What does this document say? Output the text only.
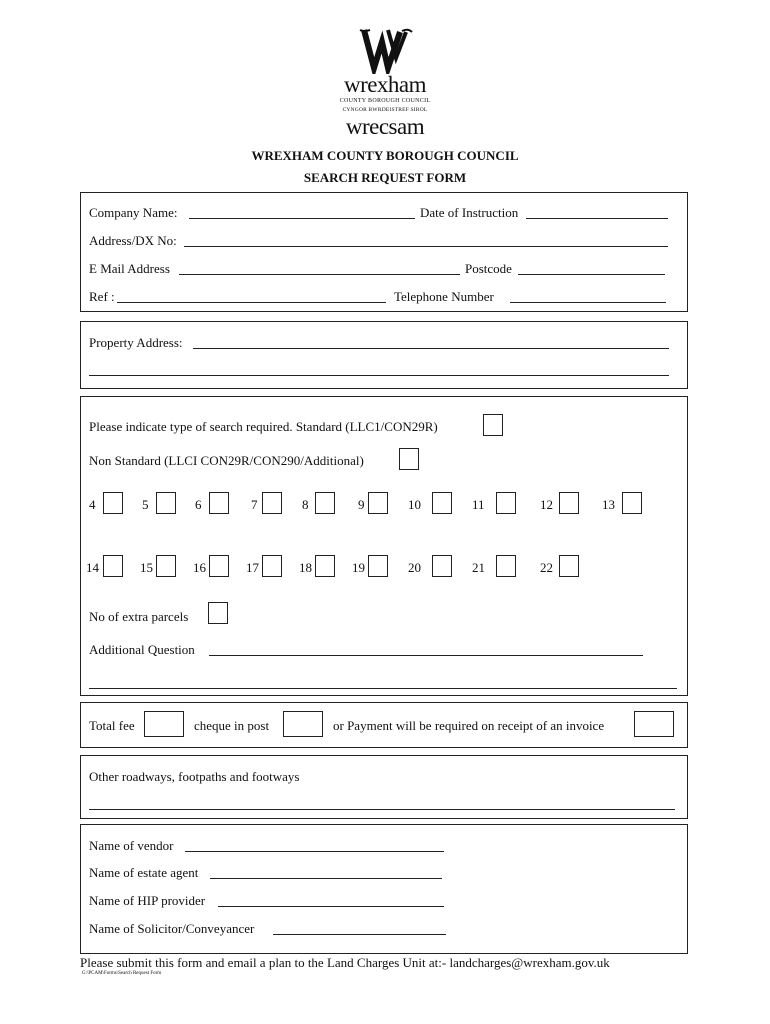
wrexham
COUNTY BOROUGH COUNCIL
CYNGOR BWRDEISTREF SIROL
wrecsam
WREXHAM COUNTY BOROUGH COUNCIL
SEARCH REQUEST FORM
Company Name:	Date of Instruction
Address/DX No:
E Mail Address	Postcode
Ref :	Telephone Number
Property Address:
Please indicate type of search required. Standard (LLC1/CON29R)
Non Standard (LLCI CON29R/CON290/Additional)
4	5	6	7	8	9	10	11	12	13
14	15	16	17	18	19	20	21	22
No of extra parcels
Additional Question
Total fee	cheque in post	or Payment will be required on receipt of an invoice
Other roadways, footpaths and footways
Name of vendor
Name of estate agent
Name of HIP provider
Name of Solicitor/Conveyancer
Please submit this form and email a plan to the Land Charges Unit at:- landcharges@wrexham.gov.uk
G:\PCAM\Forms\Search Request Form
